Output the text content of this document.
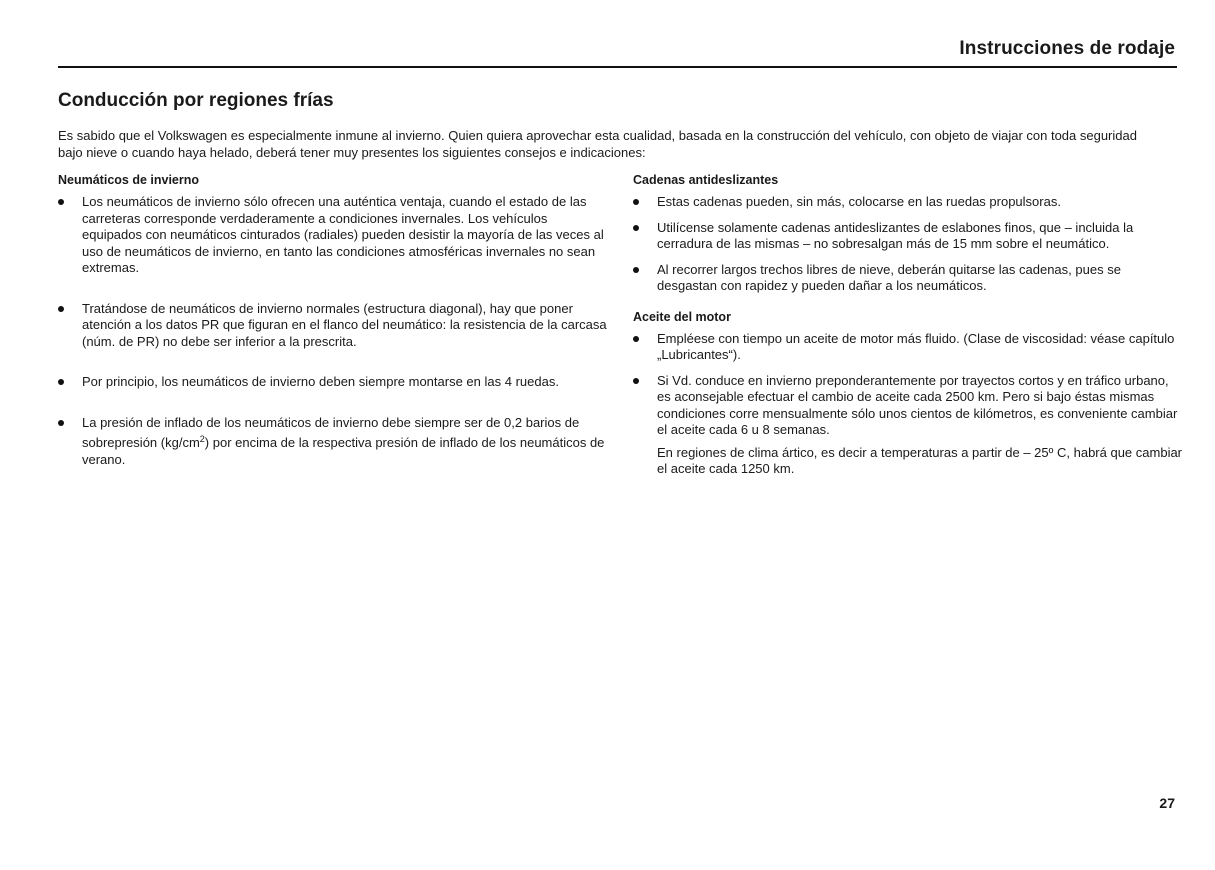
Instrucciones de rodaje
Conducción por regiones frías

Es sabido que el Volkswagen es especialmente inmune al invierno. Quien quiera aprovechar esta cualidad, basada en la construcción del vehículo, con objeto de viajar con toda seguridad bajo nieve o cuando haya helado, deberá tener muy presentes los siguientes consejos e indicaciones:

Neumáticos de invierno
Los neumáticos de invierno sólo ofrecen una auténtica ventaja, cuando el estado de las carreteras corresponde verdaderamente a condiciones invernales. Los vehículos equipados con neumáticos cinturados (radiales) pueden desistir la mayoría de las veces al uso de neumáticos de invierno, en tanto las condiciones atmosféricas invernales no sean extremas.
Tratándose de neumáticos de invierno normales (estructura diagonal), hay que poner atención a los datos PR que figuran en el flanco del neumático: la resistencia de la carcasa (núm. de PR) no debe ser inferior a la prescrita.
Por principio, los neumáticos de invierno deben siempre montarse en las 4 ruedas.
La presión de inflado de los neumáticos de invierno debe siempre ser de 0,2 barios de sobrepresión $(kg/cm^2)$ por encima de la respectiva presión de inflado de los neumáticos de verano.
Cadenas antideslizantes
Estas cadenas pueden, sin más, colocarse en las ruedas propulsoras.
Utilícense solamente cadenas antideslizantes de eslabones finos, que – incluida la cerradura de las mismas – no sobresalgan más de 15 mm sobre el neumático.
Al recorrer largos trechos libres de nieve, deberán quitarse las cadenas, pues se desgastan con rapidez y pueden dañar a los neumáticos.
Aceite del motor
Empléese con tiempo un aceite de motor más fluido. (Clase de viscosidad: véase capítulo „Lubricantes“).
Si Vd. conduce en invierno preponderantemente por trayectos cortos y en tráfico urbano, es aconsejable efectuar el cambio de aceite cada 2500 km. Pero si bajo éstas mismas condiciones corre mensualmente sólo unos cientos de kilómetros, es conveniente cambiar el aceite cada 6 u 8 semanas.

En regiones de clima ártico, es decir a temperaturas a partir de – 25º C, habrá que cambiar el aceite cada 1250 km.

27
